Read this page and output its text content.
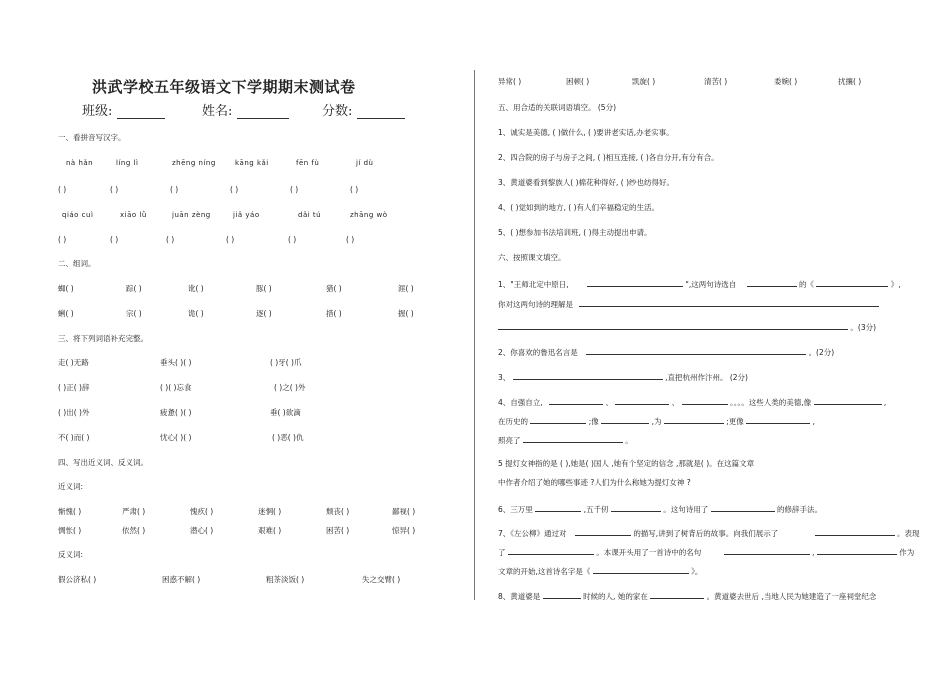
洪武学校五年级语文下学期期末测试卷
班级:	姓名:	分数:
一、看拼音写汉字。
nà hǎn	líng lì	zhēng níng	kāng kǎi	fēn fù	jí dù
( )	( )	( )	( )	( )	( )
qiáo cuì	xiāo lǜ	juān zèng	jiǎ yáo	dǎi tú	zhāng wò
( )	( )	( )	( )	( )	( )
二、组词。
蜘( )	踪( )	讹( )	豚( )	猎( )	涯( )
蜊( )	宗( )	诡( )	逐( )	措( )	握( )
三、将下列词语补充完整。
走( )无路	垂头( )( )	( )牙( )爪
( )正( )辞	( )( )忘食	( )之( )外
( )出( )外	疲惫( )( )	垂( )欲滴
不( )而( )	忧心( )( )	( )恶( )仇
四、写出近义词、反义词。
近义词:
惭愧( )	严肃( )	愧疚( )	迷惘( )	颓丧( )	鄙视( )
惆怅( )	依然( )	潜心( )	艰难( )	困苦( )	惊异( )
反义词:
假公济私( )	困惑不解( )	粗茶淡饭( )	失之交臂( )
异常( )	困顿( )	凯旋( )	清苦( )	委婉( )	扰攘( )
五、用合适的关联词语填空。 (5分)
1、诚实是美德, ( )做什么, ( )要讲老实话,办老实事。
2、四合院的房子与房子之间, ( )相互连接, ( )各自分开,有分有合。
3、黄道婆看到黎族人( )棉花种得好, ( )纱也纺得好。
4、( )觉如到的地方, ( )有人们辛福稳定的生活。
5、( )想参加书法培训班, ( )得主动提出申请。
六、按照课文填空。
1、"王师北定中原日,	",这两句诗选自	的《	》,
你对这两句诗的理解是
。(3分)
2、你喜欢的鲁迅名言是	。(2分)
3、	,直把杭州作汴州。 (2分)
4、自强自立,	、	、	。。。。这些人类的美德,像	,
在历史的	;像	,为	;更像	,
照亮了	。
5 提灯女神指的是 ( ),她是( )国人 ,她有个坚定的信念 ,那就是( )。在这篇文章
中作者介绍了她的哪些事迹 ?人们为什么称她为提灯女神 ?
6、三万里	,五千仞	。这句诗用了	的修辞手法。
7、《左公柳》通过对	的描写,讲到了树背后的故事。向我们展示了	。表现
了	。本课开头用了一首诗中的名句	,	作为
文章的开始,这首诗名字是《	》。
8、黄道婆是	时候的人, 她的家在	。黄道婆去世后 ,当地人民为她建造了一座祠堂纪念
